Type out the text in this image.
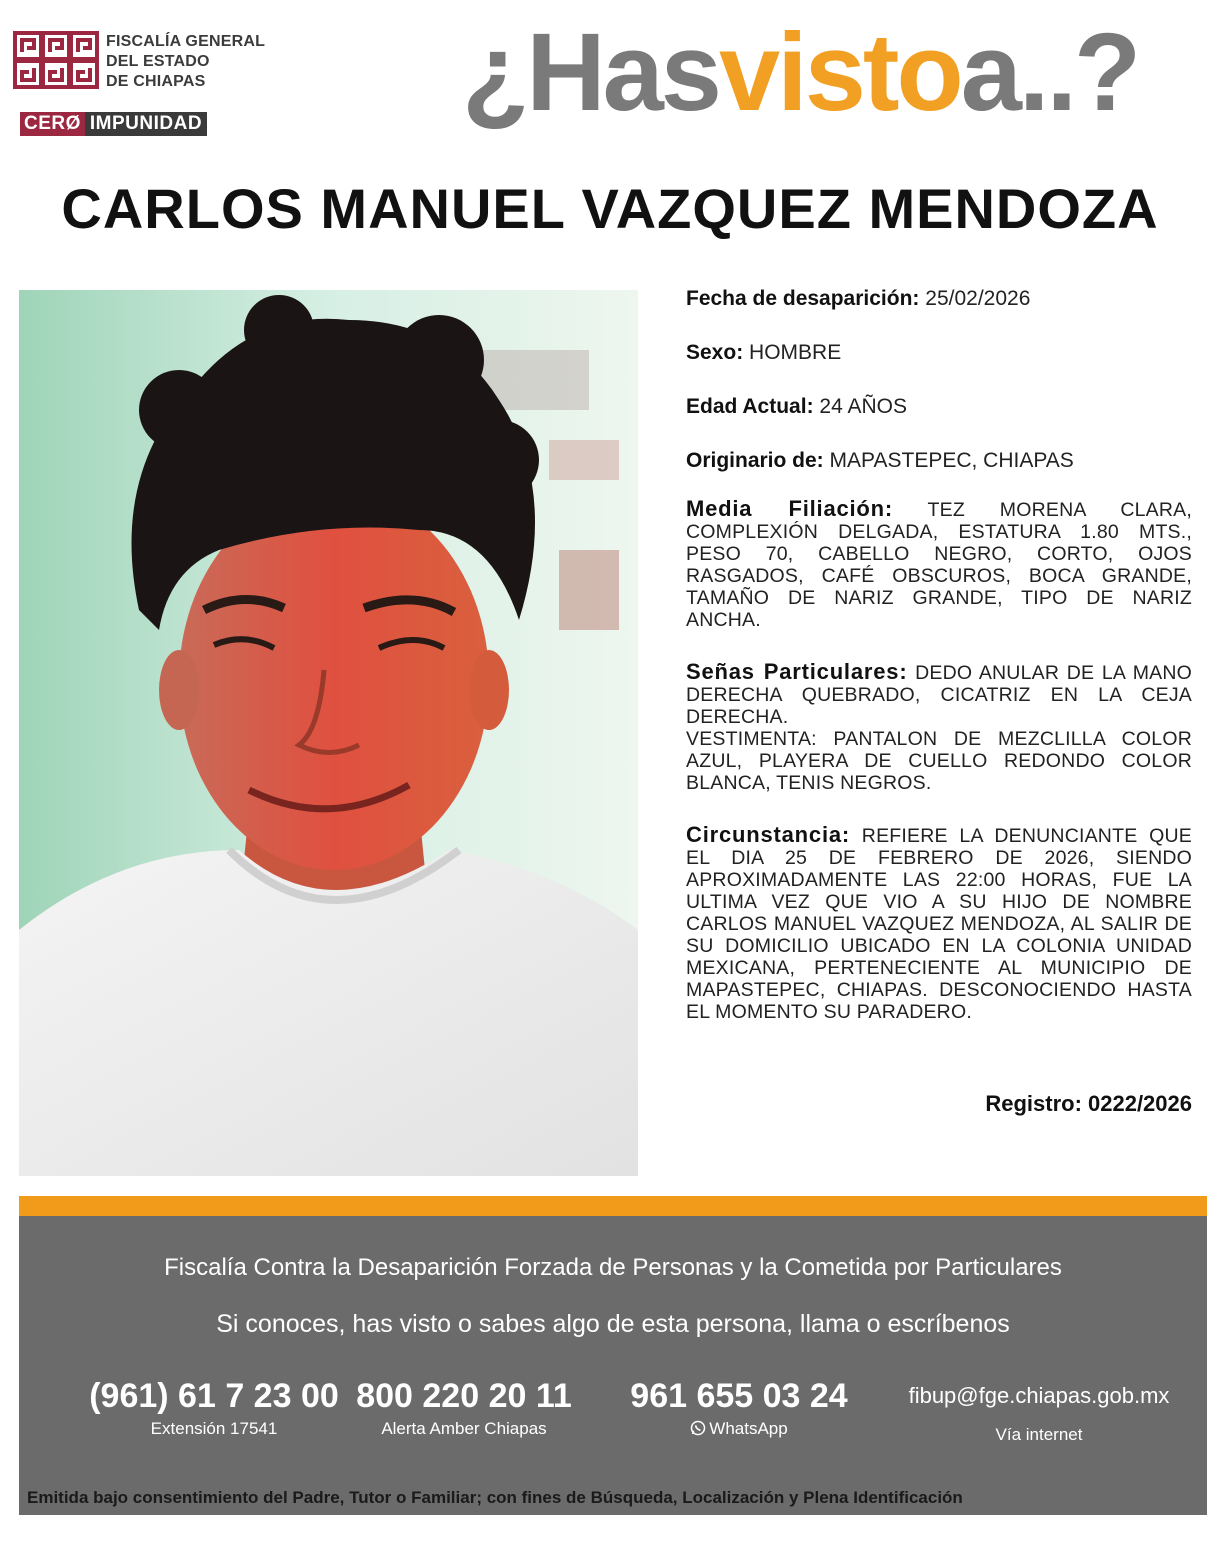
FISCALÍA GENERAL
DEL ESTADO
DE CHIAPAS
CERØ IMPUNIDAD ¿Hasvistoa..?
CARLOS MANUEL VAZQUEZ MENDOZA

Fecha de desaparición: 25/02/2026

Sexo: HOMBRE

Edad Actual: 24 AÑOS

Originario de: MAPASTEPEC, CHIAPAS

Media Filiación: TEZ MORENA CLARA, COMPLEXIÓN DELGADA, ESTATURA 1.80 MTS., PESO 70, CABELLO NEGRO, CORTO, OJOS RASGADOS, CAFÉ OBSCUROS, BOCA GRANDE, TAMAÑO DE NARIZ GRANDE, TIPO DE NARIZ ANCHA.

Señas Particulares: DEDO ANULAR DE LA MANO DERECHA QUEBRADO, CICATRIZ EN LA CEJA DERECHA.
VESTIMENTA: PANTALON DE MEZCLILLA COLOR AZUL, PLAYERA DE CUELLO REDONDO COLOR BLANCA, TENIS NEGROS.

Circunstancia: REFIERE LA DENUNCIANTE QUE EL DIA 25 DE FEBRERO DE 2026, SIENDO APROXIMADAMENTE LAS 22:00 HORAS, FUE LA ULTIMA VEZ QUE VIO A SU HIJO DE NOMBRE CARLOS MANUEL VAZQUEZ MENDOZA, AL SALIR DE SU DOMICILIO UBICADO EN LA COLONIA UNIDAD MEXICANA, PERTENECIENTE AL MUNICIPIO DE MAPASTEPEC, CHIAPAS. DESCONOCIENDO HASTA EL MOMENTO SU PARADERO.

Registro: 0222/2026
Fiscalía Contra la Desaparición Forzada de Personas y la Cometida por Particulares
Si conoces, has visto o sabes algo de esta persona, llama o escríbenos
(961) 61 7 23 00
Extensión 17541
800 220 20 11
Alerta Amber Chiapas
961 655 03 24
WhatsApp
fibup@fge.chiapas.gob.mx
Vía internet
Emitida bajo consentimiento del Padre, Tutor o Familiar; con fines de Búsqueda, Localización y Plena Identificación
